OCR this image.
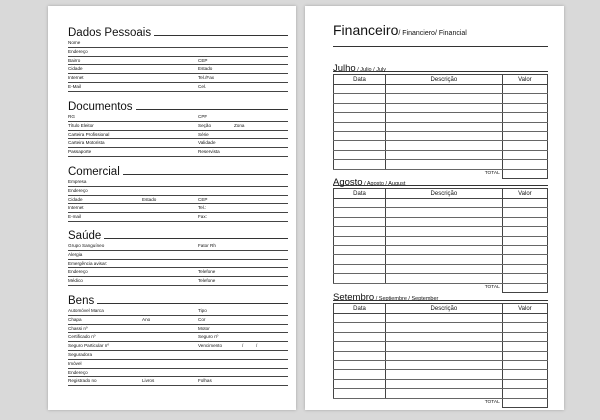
Dados Pessoais
Nome
Endereço
Bairro	CEP
Cidade	Estado
Internet	Tel./Fax
E-Mail	Cel.
Documentos
RG	CPF
Título Eleitor	Seção	Zona
Carteira Profissional	Série
Carteira Motorista	Validade
Passaporte	Reservista
Comercial
Empresa
Endereço
Cidade	Estado	CEP
Internet	Tel.:
E-mail	Fax:
Saúde
Grupo Sanguíneo	Fator Rh
Alergia
Emergência avisar:
Endereço	Telefone
Médico	Telefone
Bens
Automóvel Marca	Tipo
Chapa	Ano	Cor
Chassi nº	Motor
Certificado nº	Seguro nº
Seguro Particular nº	Vencimento	/	/
Seguradora
Imóvel
Endereço
Registrado no	Livros	Folhas
Financeiro/ Financiero/ Financial
Julho / Julio / July
Data	Descrição	Valor

TOTAL		
Agosto / Agosto / August
Data	Descrição	Valor

TOTAL		
Setembro / Septiembre / September
Data	Descrição	Valor

TOTAL		
